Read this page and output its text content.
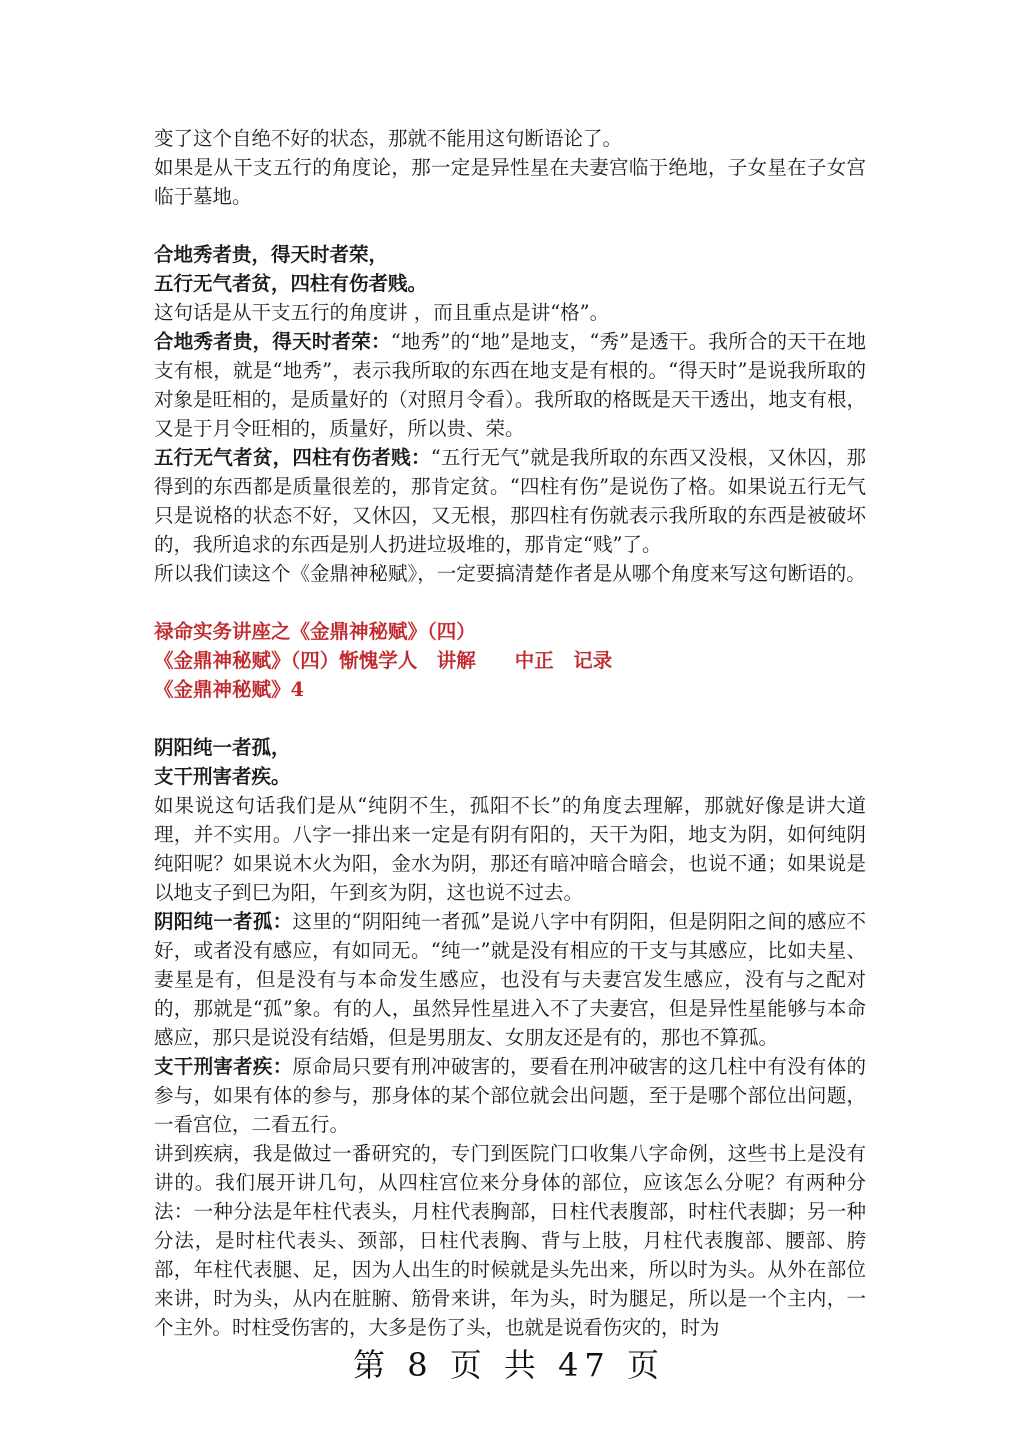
变了这个自绝不好的状态，那就不能用这句断语论了。

如果是从干支五行的角度论，那一定是异性星在夫妻宫临于绝地，子女星在子女宫临于墓地。

合地秀者贵，得天时者荣，

五行无气者贫，四柱有伤者贱。

这句话是从干支五行的角度讲 ，而且重点是讲“格”。

合地秀者贵，得天时者荣：“地秀”的“地”是地支，“秀”是透干。我所合的天干在地支有根，就是“地秀”，表示我所取的东西在地支是有根的。“得天时”是说我所取的对象是旺相的，是质量好的（对照月令看）。我所取的格既是天干透出，地支有根，又是于月令旺相的，质量好，所以贵、荣。

五行无气者贫，四柱有伤者贱：“五行无气”就是我所取的东西又没根，又休囚，那得到的东西都是质量很差的，那肯定贫。“四柱有伤”是说伤了格。如果说五行无气只是说格的状态不好，又休囚，又无根，那四柱有伤就表示我所取的东西是被破坏的，我所追求的东西是别人扔进垃圾堆的，那肯定“贱”了。

所以我们读这个《金鼎神秘赋》，一定要搞清楚作者是从哪个角度来写这句断语的。

禄命实务讲座之《金鼎神秘赋》（四）

《金鼎神秘赋》（四）惭愧学人　讲解　　中正　记录

《金鼎神秘赋》4

阴阳纯一者孤，

支干刑害者疾。

如果说这句话我们是从“纯阴不生，孤阳不长”的角度去理解，那就好像是讲大道理，并不实用。八字一排出来一定是有阴有阳的，天干为阳，地支为阴，如何纯阴纯阳呢？如果说木火为阳，金水为阴，那还有暗冲暗合暗会，也说不通；如果说是以地支子到巳为阳，午到亥为阴，这也说不过去。

阴阳纯一者孤：这里的“阴阳纯一者孤”是说八字中有阴阳，但是阴阳之间的感应不好，或者没有感应，有如同无。“纯一”就是没有相应的干支与其感应，比如夫星、妻星是有，但是没有与本命发生感应，也没有与夫妻宫发生感应，没有与之配对的，那就是“孤”象。有的人，虽然异性星进入不了夫妻宫，但是异性星能够与本命感应，那只是说没有结婚，但是男朋友、女朋友还是有的，那也不算孤。

支干刑害者疾：原命局只要有刑冲破害的，要看在刑冲破害的这几柱中有没有体的参与，如果有体的参与，那身体的某个部位就会出问题，至于是哪个部位出问题，一看宫位，二看五行。

讲到疾病，我是做过一番研究的，专门到医院门口收集八字命例，这些书上是没有讲的。我们展开讲几句，从四柱宫位来分身体的部位，应该怎么分呢？有两种分法：一种分法是年柱代表头，月柱代表胸部，日柱代表腹部，时柱代表脚；另一种分法，是时柱代表头、颈部，日柱代表胸、背与上肢，月柱代表腹部、腰部、胯部，年柱代表腿、足，因为人出生的时候就是头先出来，所以时为头。从外在部位来讲，时为头，从内在脏腑、筋骨来讲，年为头，时为腿足，所以是一个主内，一个主外。时柱受伤害的，大多是伤了头，也就是说看伤灾的，时为

第 8 页 共 47 页
